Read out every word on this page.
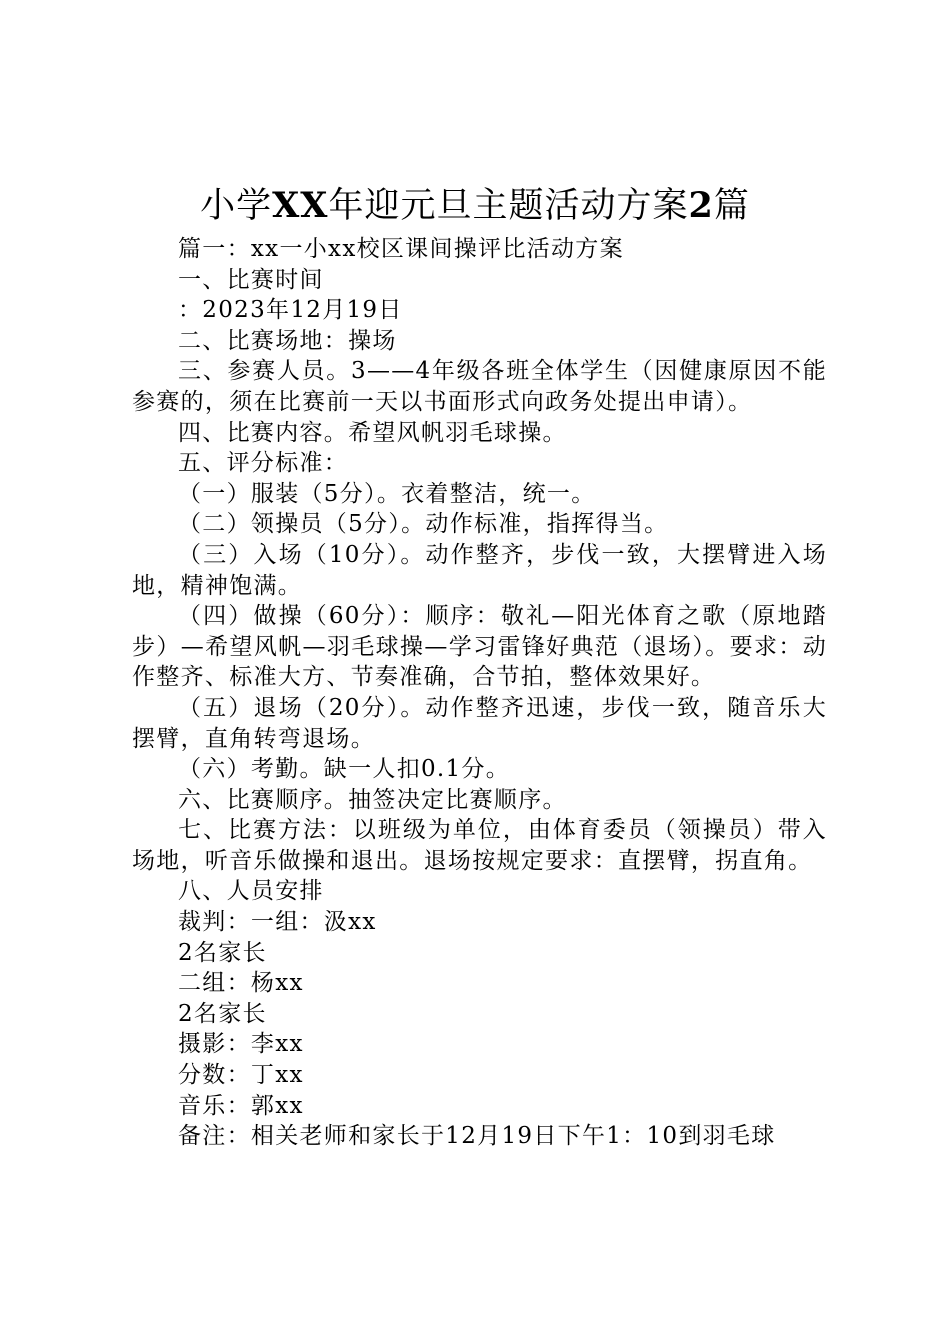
小学XX年迎元旦主题活动方案2篇

篇一：xx一小xx校区课间操评比活动方案

一、比赛时间

：2023年12月19日

二、比赛场地：操场

三、参赛人员。3——4年级各班全体学生（因健康原因不能参赛的，须在比赛前一天以书面形式向政务处提出申请）。

四、比赛内容。希望风帆羽毛球操。

五、评分标准：

（一）服装（5分）。衣着整洁，统一。

（二）领操员（5分）。动作标准，指挥得当。

（三）入场（10分）。动作整齐，步伐一致，大摆臂进入场地，精神饱满。

（四）做操（60分）：顺序：敬礼—阳光体育之歌（原地踏步）—希望风帆—羽毛球操—学习雷锋好典范（退场）。要求：动作整齐、标准大方、节奏准确，合节拍，整体效果好。

（五）退场（20分）。动作整齐迅速，步伐一致，随音乐大摆臂，直角转弯退场。

（六）考勤。缺一人扣0.1分。

六、比赛顺序。抽签决定比赛顺序。

七、比赛方法：以班级为单位，由体育委员（领操员）带入场地，听音乐做操和退出。退场按规定要求：直摆臂，拐直角。

八、人员安排

裁判：一组：汲xx

2名家长

二组：杨xx

2名家长

摄影：李xx

分数：丁xx

音乐：郭xx

备注：相关老师和家长于12月19日下午1：10到羽毛球
